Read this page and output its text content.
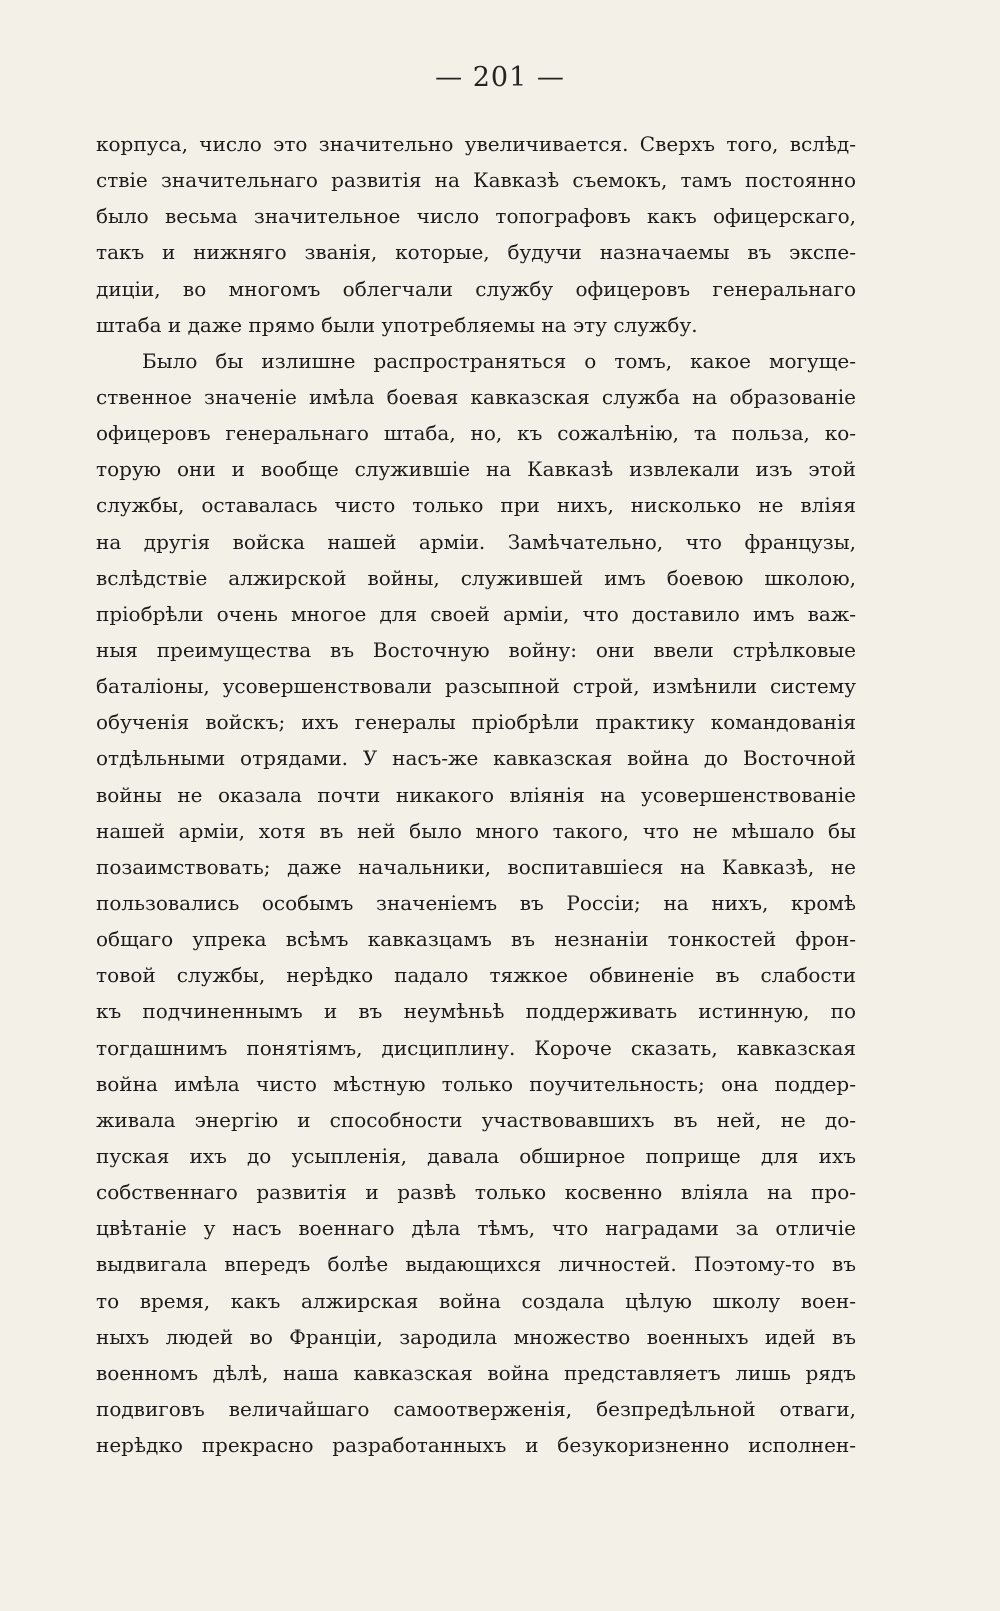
— 201 —
корпуса, число это значительно увеличивается. Сверхъ того, вслѣд-
ствіе значительнаго развитія на Кавказѣ съемокъ, тамъ постоянно
было весьма значительное число топографовъ какъ офицерскаго,
такъ и нижняго званія, которые, будучи назначаемы въ экспе-
диціи, во многомъ облегчали службу офицеровъ генеральнаго
штаба и даже прямо были употребляемы на эту службу.
Было бы излишне распространяться о томъ, какое могуще-
ственное значеніе имѣла боевая кавказская служба на образованіе
офицеровъ генеральнаго штаба, но, къ сожалѣнію, та польза, ко-
торую они и вообще служившіе на Кавказѣ извлекали изъ этой
службы, оставалась чисто только при нихъ, нисколько не вліяя
на другія войска нашей арміи. Замѣчательно, что французы,
вслѣдствіе алжирской войны, служившей имъ боевою школою,
пріобрѣли очень многое для своей арміи, что доставило имъ важ-
ныя преимущества въ Восточную войну: они ввели стрѣлковые
баталіоны, усовершенствовали разсыпной строй, измѣнили систему
обученія войскъ; ихъ генералы пріобрѣли практику командованія
отдѣльными отрядами. У насъ-же кавказская война до Восточной
войны не оказала почти никакого вліянія на усовершенствованіе
нашей арміи, хотя въ ней было много такого, что не мѣшало бы
позаимствовать; даже начальники, воспитавшіеся на Кавказѣ, не
пользовались особымъ значеніемъ въ Россіи; на нихъ, кромѣ
общаго упрека всѣмъ кавказцамъ въ незнаніи тонкостей фрон-
товой службы, нерѣдко падало тяжкое обвиненіе въ слабости
къ подчиненнымъ и въ неумѣньѣ поддерживать истинную, по
тогдашнимъ понятіямъ, дисциплину. Короче сказать, кавказская
война имѣла чисто мѣстную только поучительность; она поддер-
живала энергію и способности участвовавшихъ въ ней, не до-
пуская ихъ до усыпленія, давала обширное поприще для ихъ
собственнаго развитія и развѣ только косвенно вліяла на про-
цвѣтаніе у насъ военнаго дѣла тѣмъ, что наградами за отличіе
выдвигала впередъ болѣе выдающихся личностей. Поэтому-то въ
то время, какъ алжирская война создала цѣлую школу воен-
ныхъ людей во Франціи, зародила множество военныхъ идей въ
военномъ дѣлѣ, наша кавказская война представляетъ лишь рядъ
подвиговъ величайшаго самоотверженія, безпредѣльной отваги,
нерѣдко прекрасно разработанныхъ и безукоризненно исполнен-
